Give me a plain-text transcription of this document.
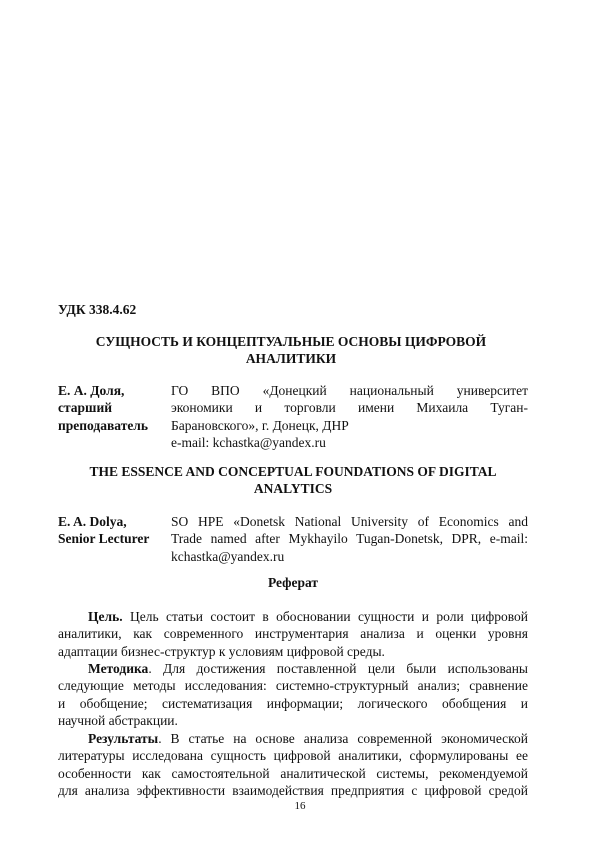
УДК 338.4.62

СУЩНОСТЬ И КОНЦЕПТУАЛЬНЫЕ ОСНОВЫ ЦИФРОВОЙ
АНАЛИТИКИ
Е. А. Доля,
старший
преподаватель
ГО ВПО «Донецкий национальный университет
экономики и торговли имени Михаила Туган-
Барановского», г. Донецк, ДНР
e-mail: kchastka@yandex.ru
THE ESSENCE AND CONCEPTUAL FOUNDATIONS OF DIGITAL
ANALYTICS
E. A. Dolya,
Senior Lecturer
SO HPE «Donetsk National University of Economics and
Trade named after Mykhayilo Tugan-Donetsk, DPR, e-mail:
kchastka@yandex.ru
Реферат
Цель. Цель статьи состоит в обосновании сущности и роли цифровой
аналитики, как современного инструментария анализа и оценки уровня
адаптации бизнес-структур к условиям цифровой среды.
Методика. Для достижения поставленной цели были использованы
следующие методы исследования: системно-структурный анализ; сравнение
и обобщение; систематизация информации; логического обобщения и
научной абстракции.
Результаты. В статье на основе анализа современной экономической
литературы исследована сущность цифровой аналитики, сформулированы ее
особенности как самостоятельной аналитической системы, рекомендуемой
для анализа эффективности взаимодействия предприятия с цифровой средой
16
